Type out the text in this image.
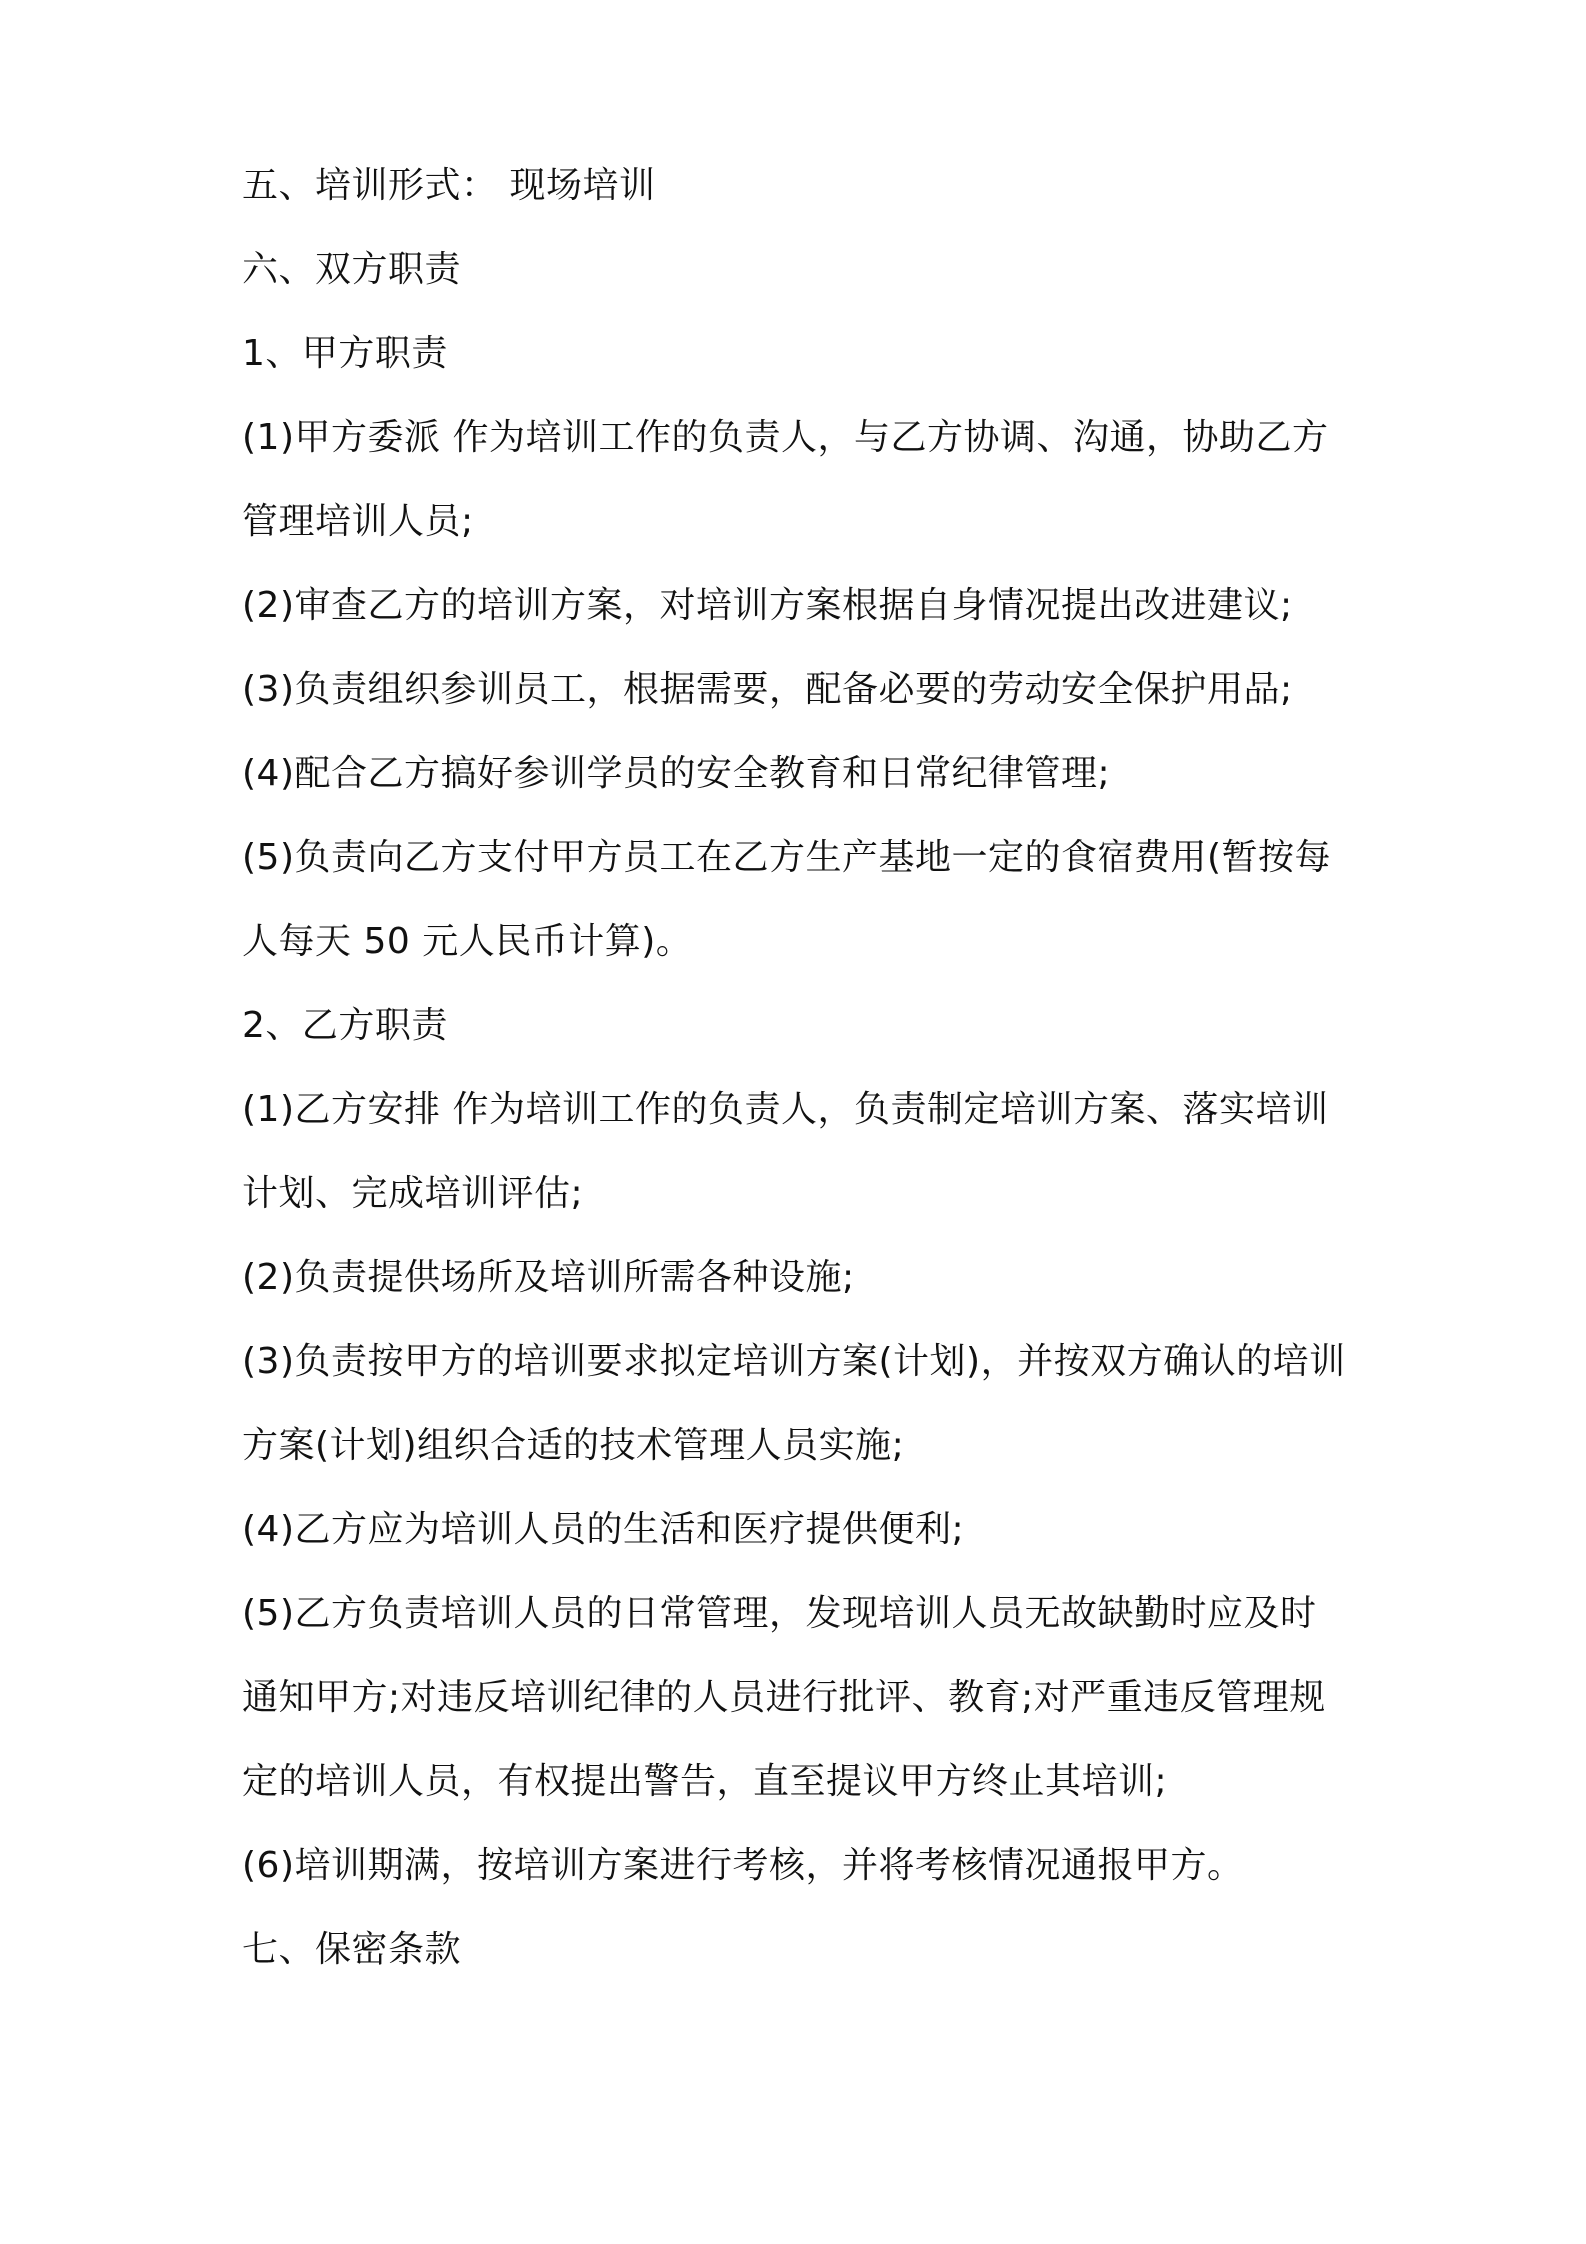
五、培训形式： 现场培训
六、双方职责
1、甲方职责
(1)甲方委派 作为培训工作的负责人，与乙方协调、沟通，协助乙方
管理培训人员;
(2)审查乙方的培训方案，对培训方案根据自身情况提出改进建议;
(3)负责组织参训员工，根据需要，配备必要的劳动安全保护用品;
(4)配合乙方搞好参训学员的安全教育和日常纪律管理;
(5)负责向乙方支付甲方员工在乙方生产基地一定的食宿费用(暂按每
人每天 50 元人民币计算)。
2、乙方职责
(1)乙方安排 作为培训工作的负责人，负责制定培训方案、落实培训
计划、完成培训评估;
(2)负责提供场所及培训所需各种设施;
(3)负责按甲方的培训要求拟定培训方案(计划)，并按双方确认的培训
方案(计划)组织合适的技术管理人员实施;
(4)乙方应为培训人员的生活和医疗提供便利;
(5)乙方负责培训人员的日常管理，发现培训人员无故缺勤时应及时
通知甲方;对违反培训纪律的人员进行批评、教育;对严重违反管理规
定的培训人员，有权提出警告，直至提议甲方终止其培训;
(6)培训期满，按培训方案进行考核，并将考核情况通报甲方。
七、保密条款
